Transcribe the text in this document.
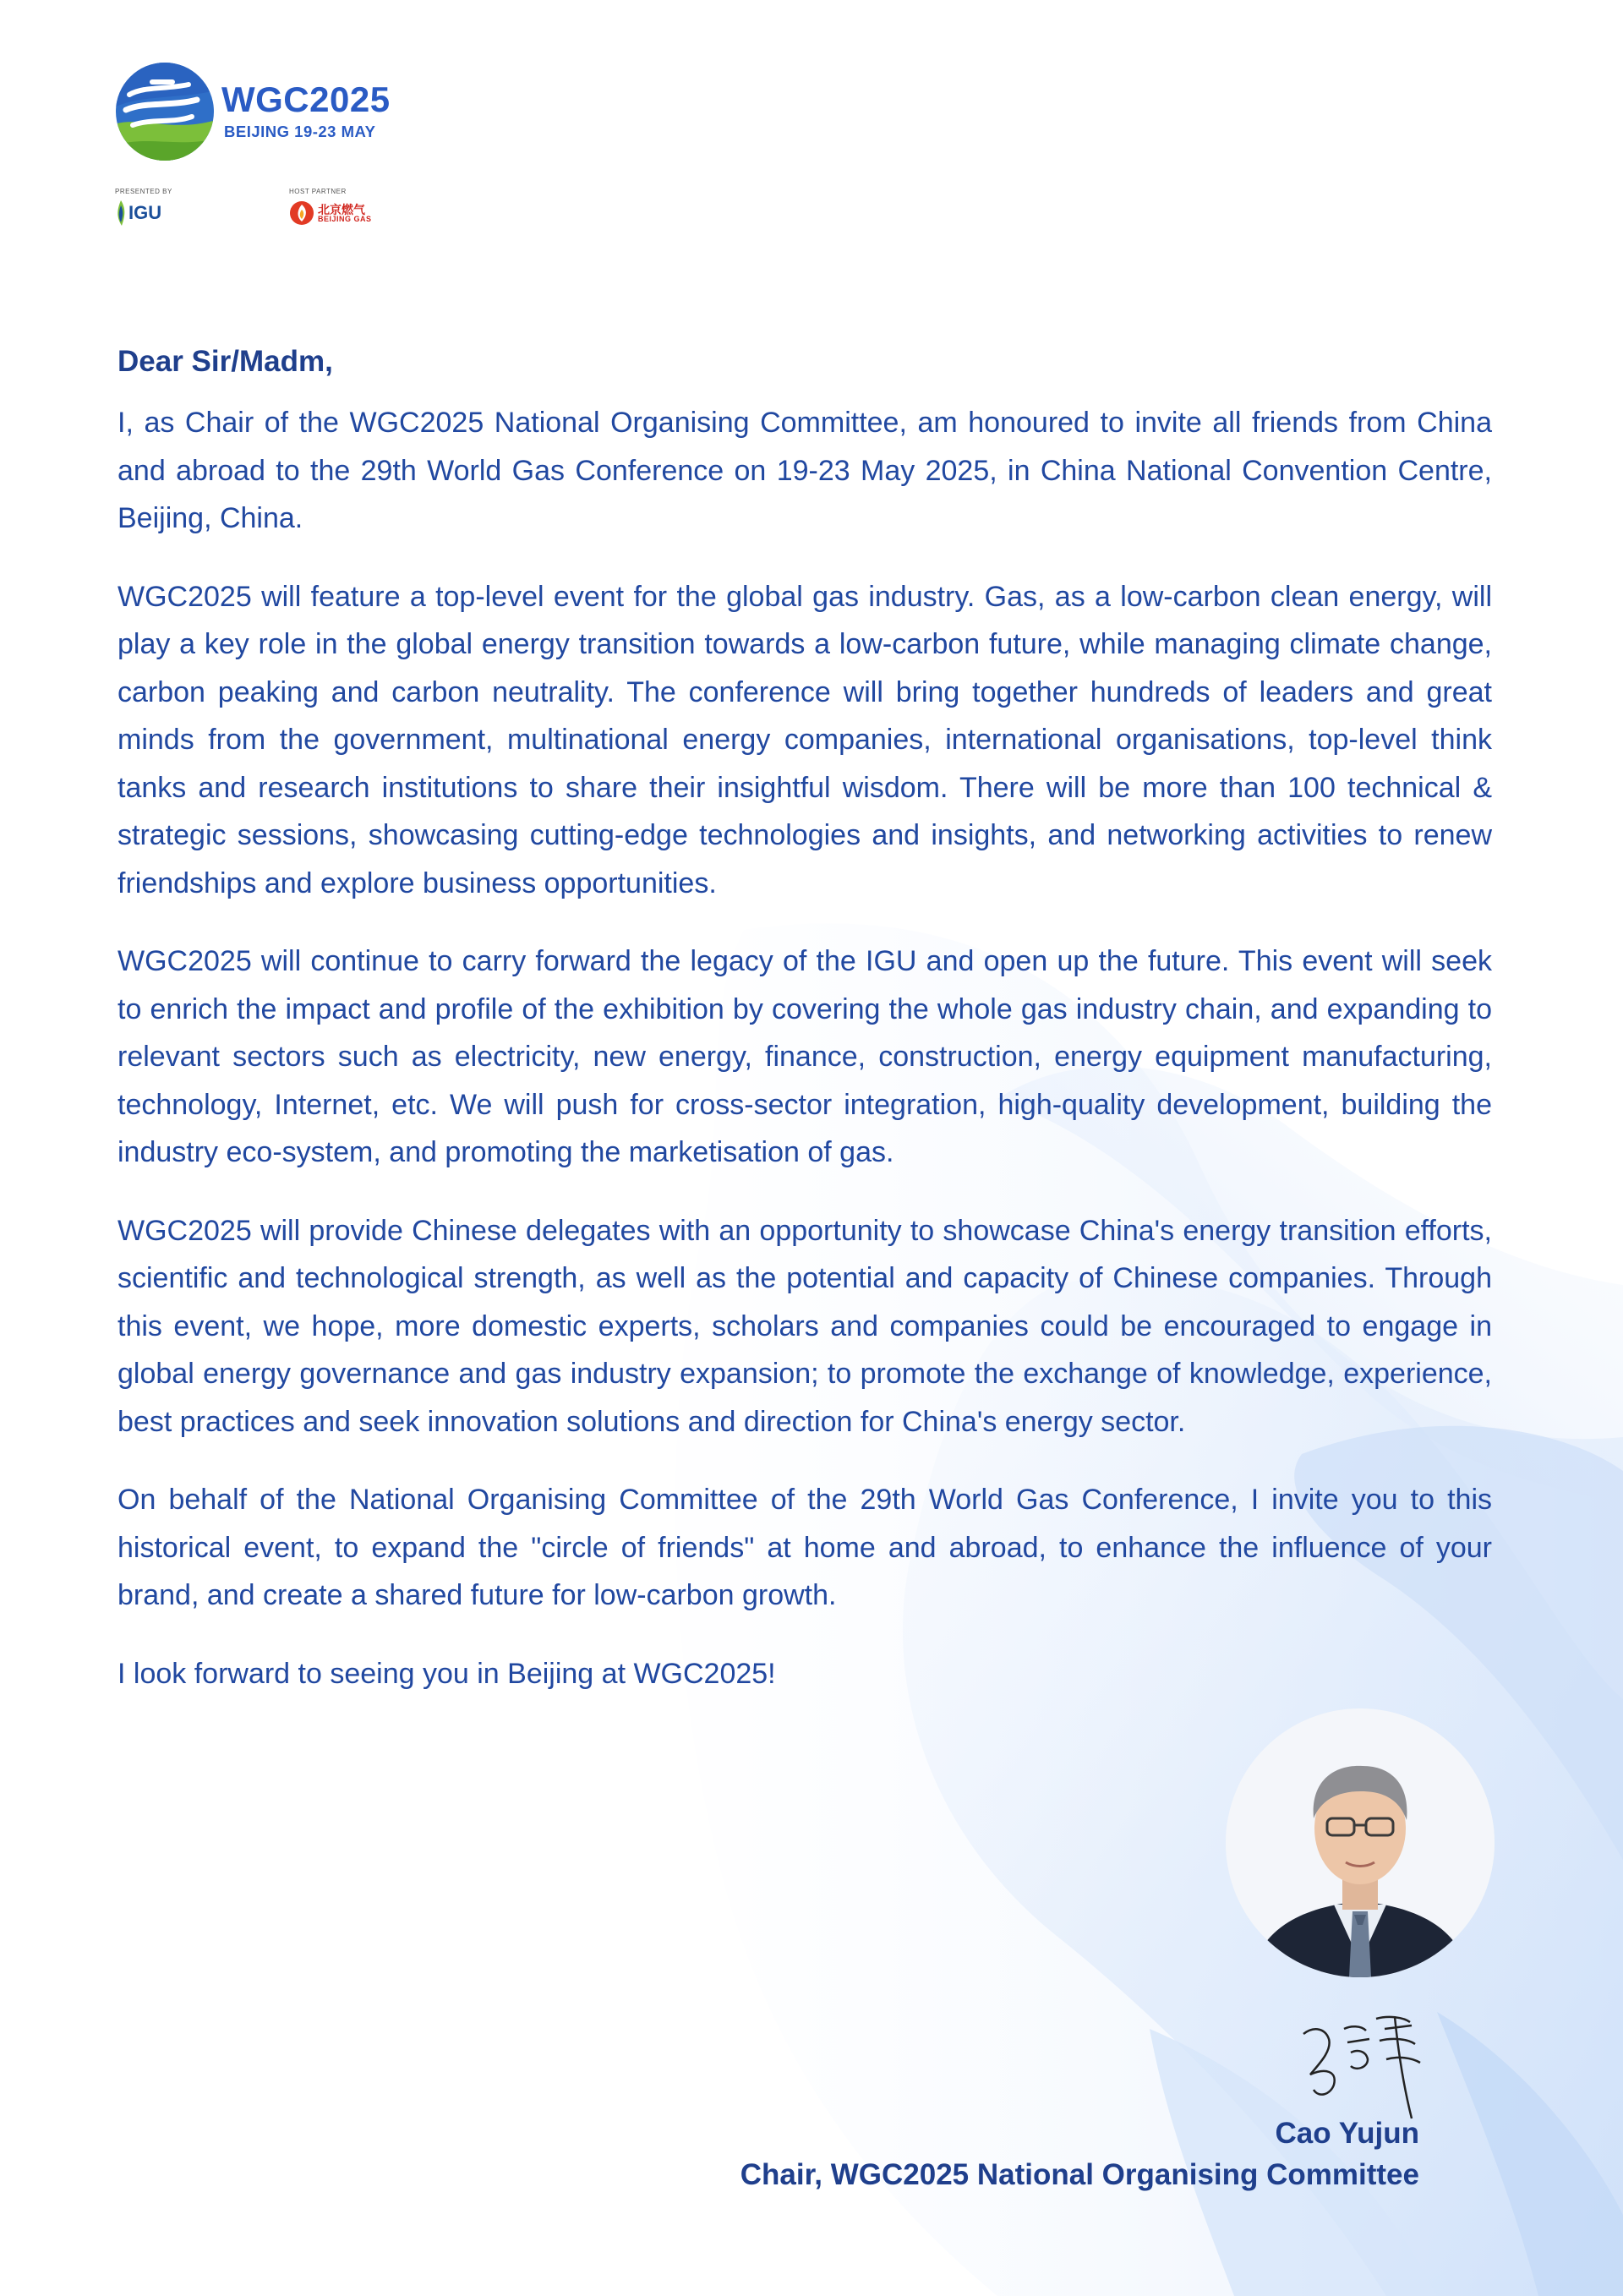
WGC2025
BEIJING 19-23 MAY
PRESENTED BY
IGU
HOST PARTNER
北京燃气
BEIJING GAS

Dear Sir/Madm,

I, as Chair of the WGC2025 National Organising Committee, am honoured to invite all friends from China and abroad to the 29th World Gas Conference on 19-23 May 2025, in China National Convention Centre, Beijing, China.

WGC2025 will feature a top-level event for the global gas industry. Gas, as a low-carbon clean energy, will play a key role in the global energy transition towards a low-carbon future, while managing climate change, carbon peaking and carbon neutrality. The conference will bring together hundreds of leaders and great minds from the government, multinational energy companies, international organisations, top-level think tanks and research institutions to share their insightful wisdom. There will be more than 100 technical & strategic sessions, showcasing cutting-edge technologies and insights, and networking activities to renew friendships and explore business opportunities.

WGC2025 will continue to carry forward the legacy of the IGU and open up the future. This event will seek to enrich the impact and profile of the exhibition by covering the whole gas industry chain, and expanding to relevant sectors such as electricity, new energy, finance, construction, energy equipment manufacturing, technology, Internet, etc. We will push for cross-sector integration, high-quality development, building the industry eco-system, and promoting the marketisation of gas.

WGC2025 will provide Chinese delegates with an opportunity to showcase China's energy transition efforts, scientific and technological strength, as well as the potential and capacity of Chinese companies. Through this event, we hope, more domestic experts, scholars and companies could be encouraged to engage in global energy governance and gas industry expansion; to promote the exchange of knowledge, experience, best practices and seek innovation solutions and direction for China's energy sector.

On behalf of the National Organising Committee of the 29th World Gas Conference, I invite you to this historical event, to expand the "circle of friends" at home and abroad, to enhance the influence of your brand, and create a shared future for low-carbon growth.

I look forward to seeing you in Beijing at WGC2025!

Cao Yujun
Chair, WGC2025 National Organising Committee
